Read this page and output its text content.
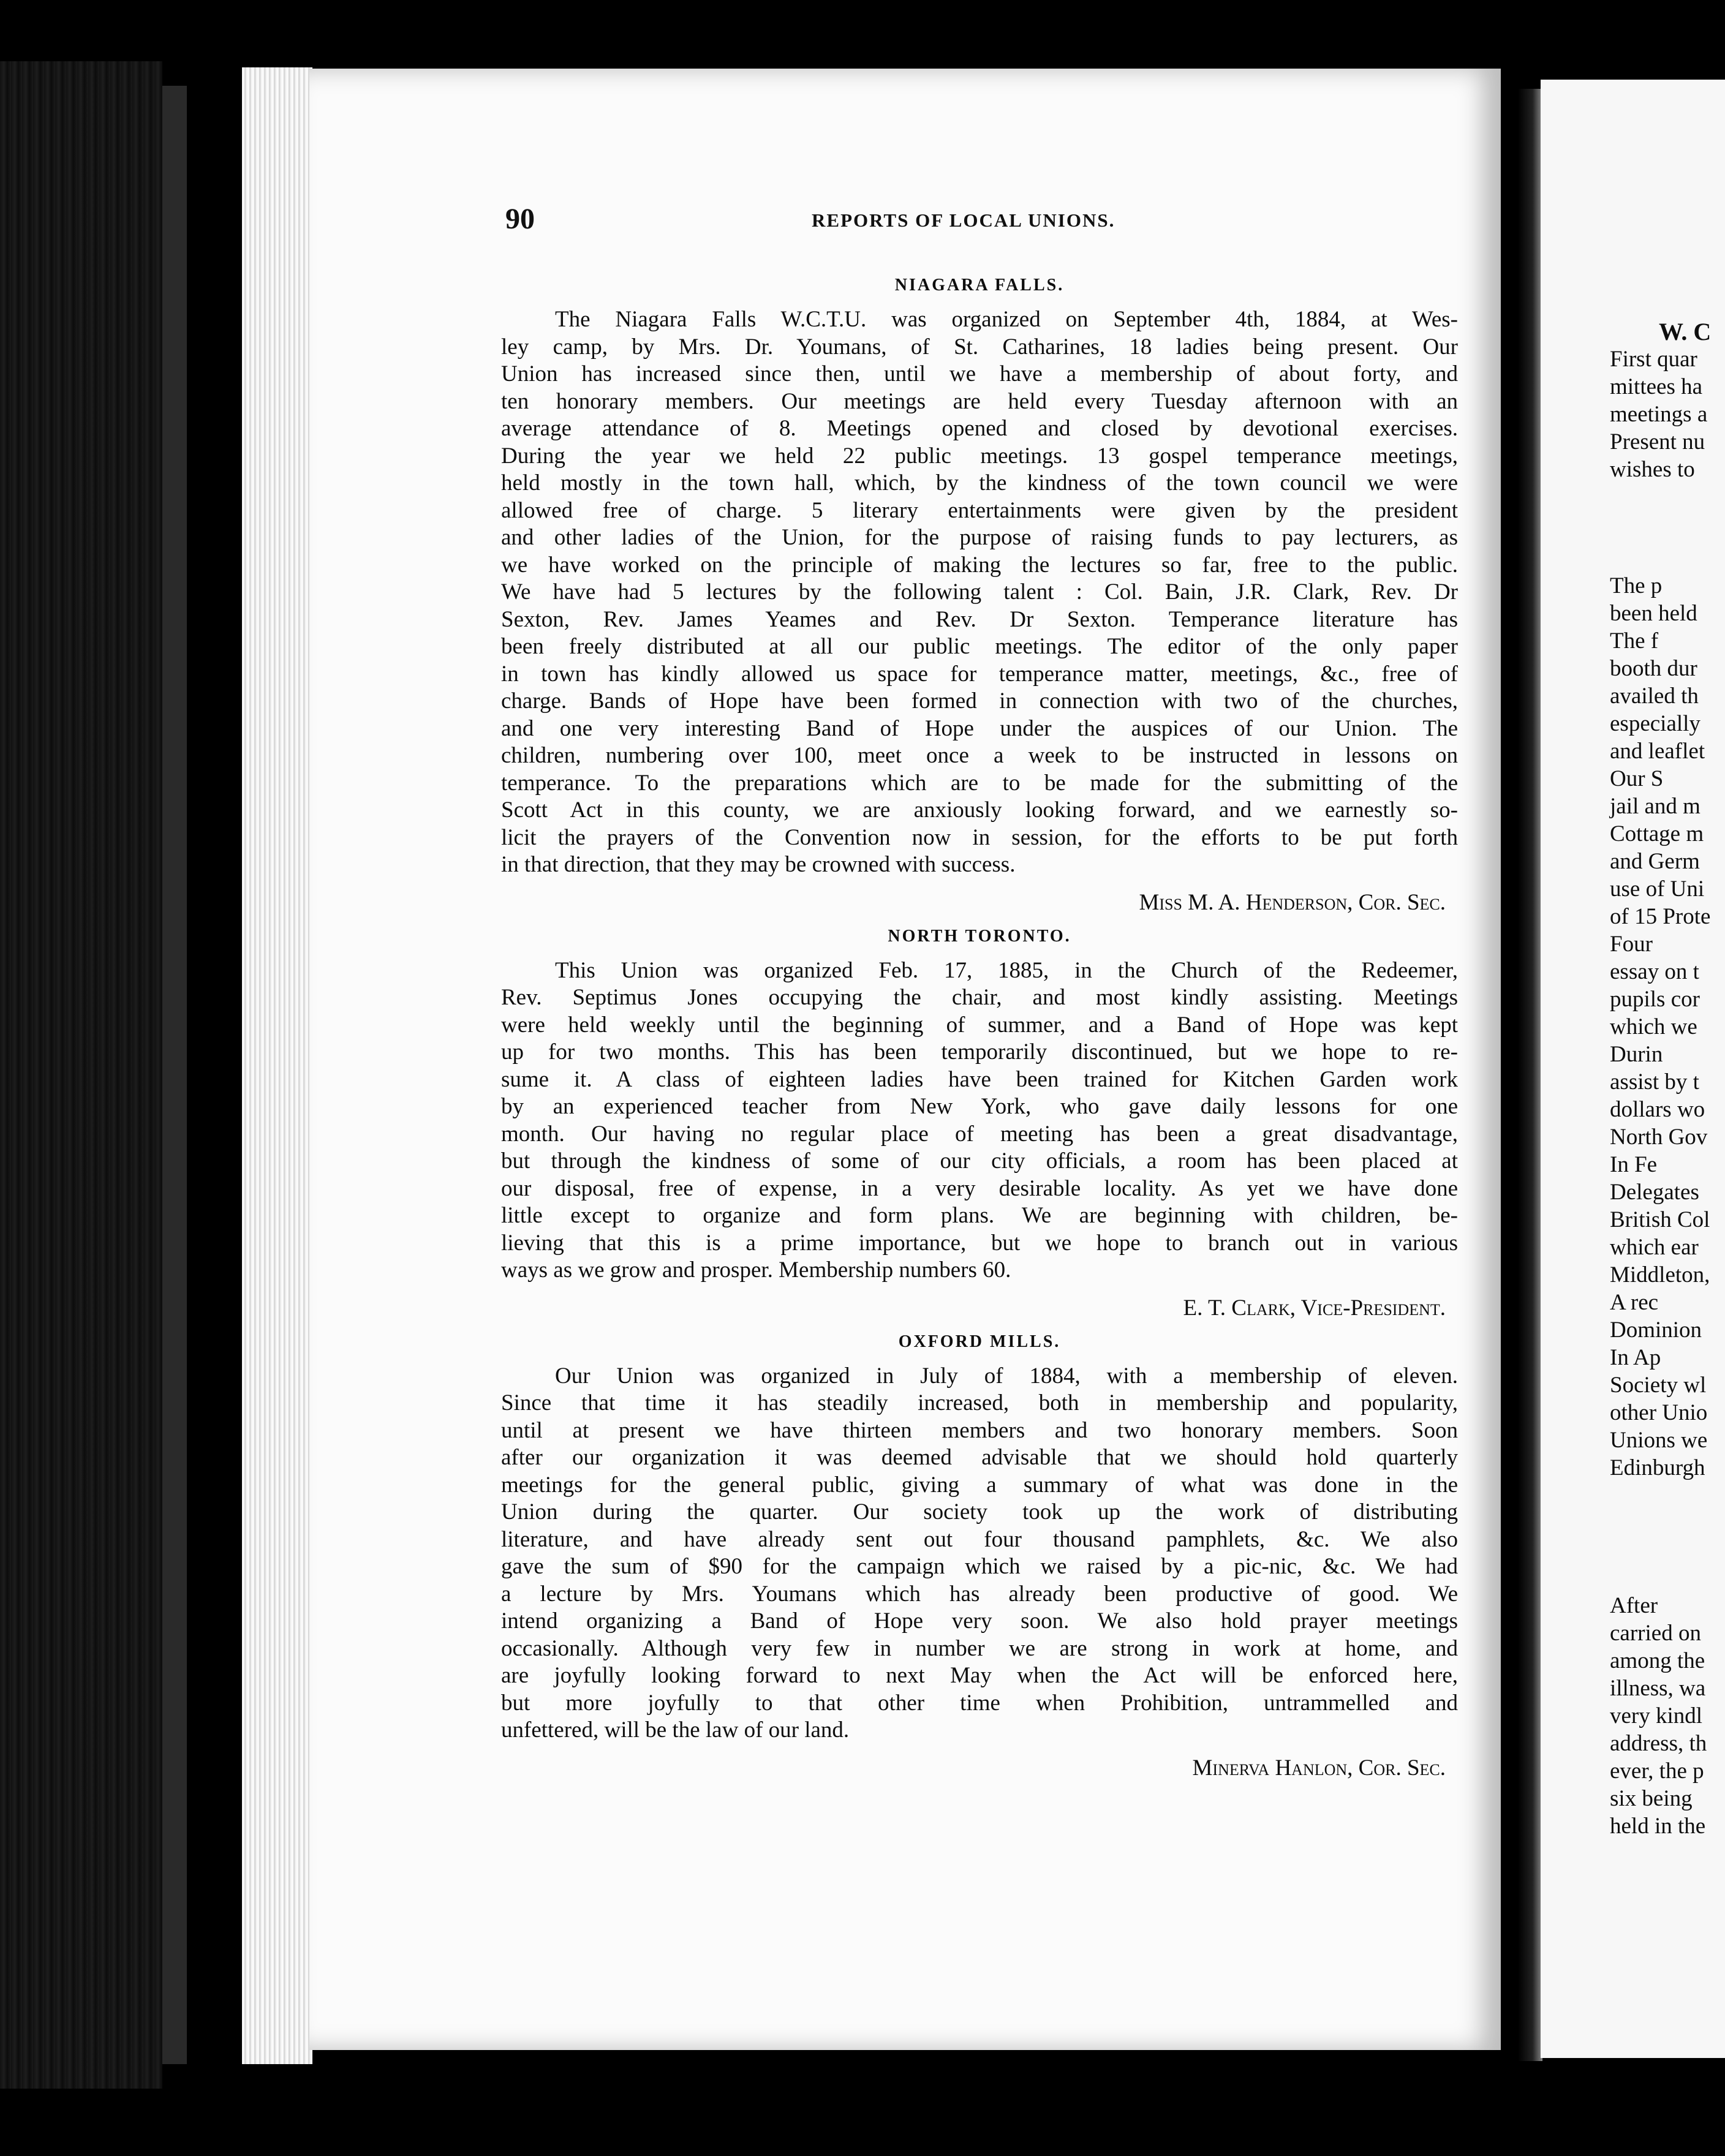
90	REPORTS OF LOCAL UNIONS.
NIAGARA FALLS.
The Niagara Falls W.C.T.U. was organized on September 4th, 1884, at Wes-
ley camp, by Mrs. Dr. Youmans, of St. Catharines, 18 ladies being present. Our
Union has increased since then, until we have a membership of about forty, and
ten honorary members. Our meetings are held every Tuesday afternoon with an
average attendance of 8. Meetings opened and closed by devotional exercises.
During the year we held 22 public meetings. 13 gospel temperance meetings,
held mostly in the town hall, which, by the kindness of the town council we were
allowed free of charge. 5 literary entertainments were given by the president
and other ladies of the Union, for the purpose of raising funds to pay lecturers, as
we have worked on the principle of making the lectures so far, free to the public.
We have had 5 lectures by the following talent : Col. Bain, J.R. Clark, Rev. Dr
Sexton, Rev. James Yeames and Rev. Dr Sexton. Temperance literature has
been freely distributed at all our public meetings. The editor of the only paper
in town has kindly allowed us space for temperance matter, meetings, &c., free of
charge. Bands of Hope have been formed in connection with two of the churches,
and one very interesting Band of Hope under the auspices of our Union. The
children, numbering over 100, meet once a week to be instructed in lessons on
temperance. To the preparations which are to be made for the submitting of the
Scott Act in this county, we are anxiously looking forward, and we earnestly so-
licit the prayers of the Convention now in session, for the efforts to be put forth
in that direction, that they may be crowned with success.
Miss M. A. Henderson, Cor. Sec.
NORTH TORONTO.
This Union was organized Feb. 17, 1885, in the Church of the Redeemer,
Rev. Septimus Jones occupying the chair, and most kindly assisting. Meetings
were held weekly until the beginning of summer, and a Band of Hope was kept
up for two months. This has been temporarily discontinued, but we hope to re-
sume it. A class of eighteen ladies have been trained for Kitchen Garden work
by an experienced teacher from New York, who gave daily lessons for one
month. Our having no regular place of meeting has been a great disadvantage,
but through the kindness of some of our city officials, a room has been placed at
our disposal, free of expense, in a very desirable locality. As yet we have done
little except to organize and form plans. We are beginning with children, be-
lieving that this is a prime importance, but we hope to branch out in various
ways as we grow and prosper. Membership numbers 60.
E. T. Clark, Vice-President.
OXFORD MILLS.
Our Union was organized in July of 1884, with a membership of eleven.
Since that time it has steadily increased, both in membership and popularity,
until at present we have thirteen members and two honorary members. Soon
after our organization it was deemed advisable that we should hold quarterly
meetings for the general public, giving a summary of what was done in the
Union during the quarter. Our society took up the work of distributing
literature, and have already sent out four thousand pamphlets, &c. We also
gave the sum of $90 for the campaign which we raised by a pic-nic, &c. We had
a lecture by Mrs. Youmans which has already been productive of good. We
intend organizing a Band of Hope very soon. We also hold prayer meetings
occasionally. Although very few in number we are strong in work at home, and
are joyfully looking forward to next May when the Act will be enforced here,
but more joyfully to that other time when Prohibition, untrammelled and
unfettered, will be the law of our land.
Minerva Hanlon, Cor. Sec.
W. C
First quar
mittees ha
meetings a
Present nu
wishes to
The p
been held
The f
booth dur
availed th
especially
and leaflet
Our S
jail and m
Cottage m
and Germ
use of Uni
of 15 Prote
Four
essay on t
pupils cor
which we
Durin
assist by t
dollars wo
North Gov
In Fe
Delegates
British Col
which ear
Middleton,
A rec
Dominion
In Ap
Society wl
other Unio
Unions we
Edinburgh
After
carried on
among the
illness, wa
very kindl
address, th
ever, the p
six being
held in the
